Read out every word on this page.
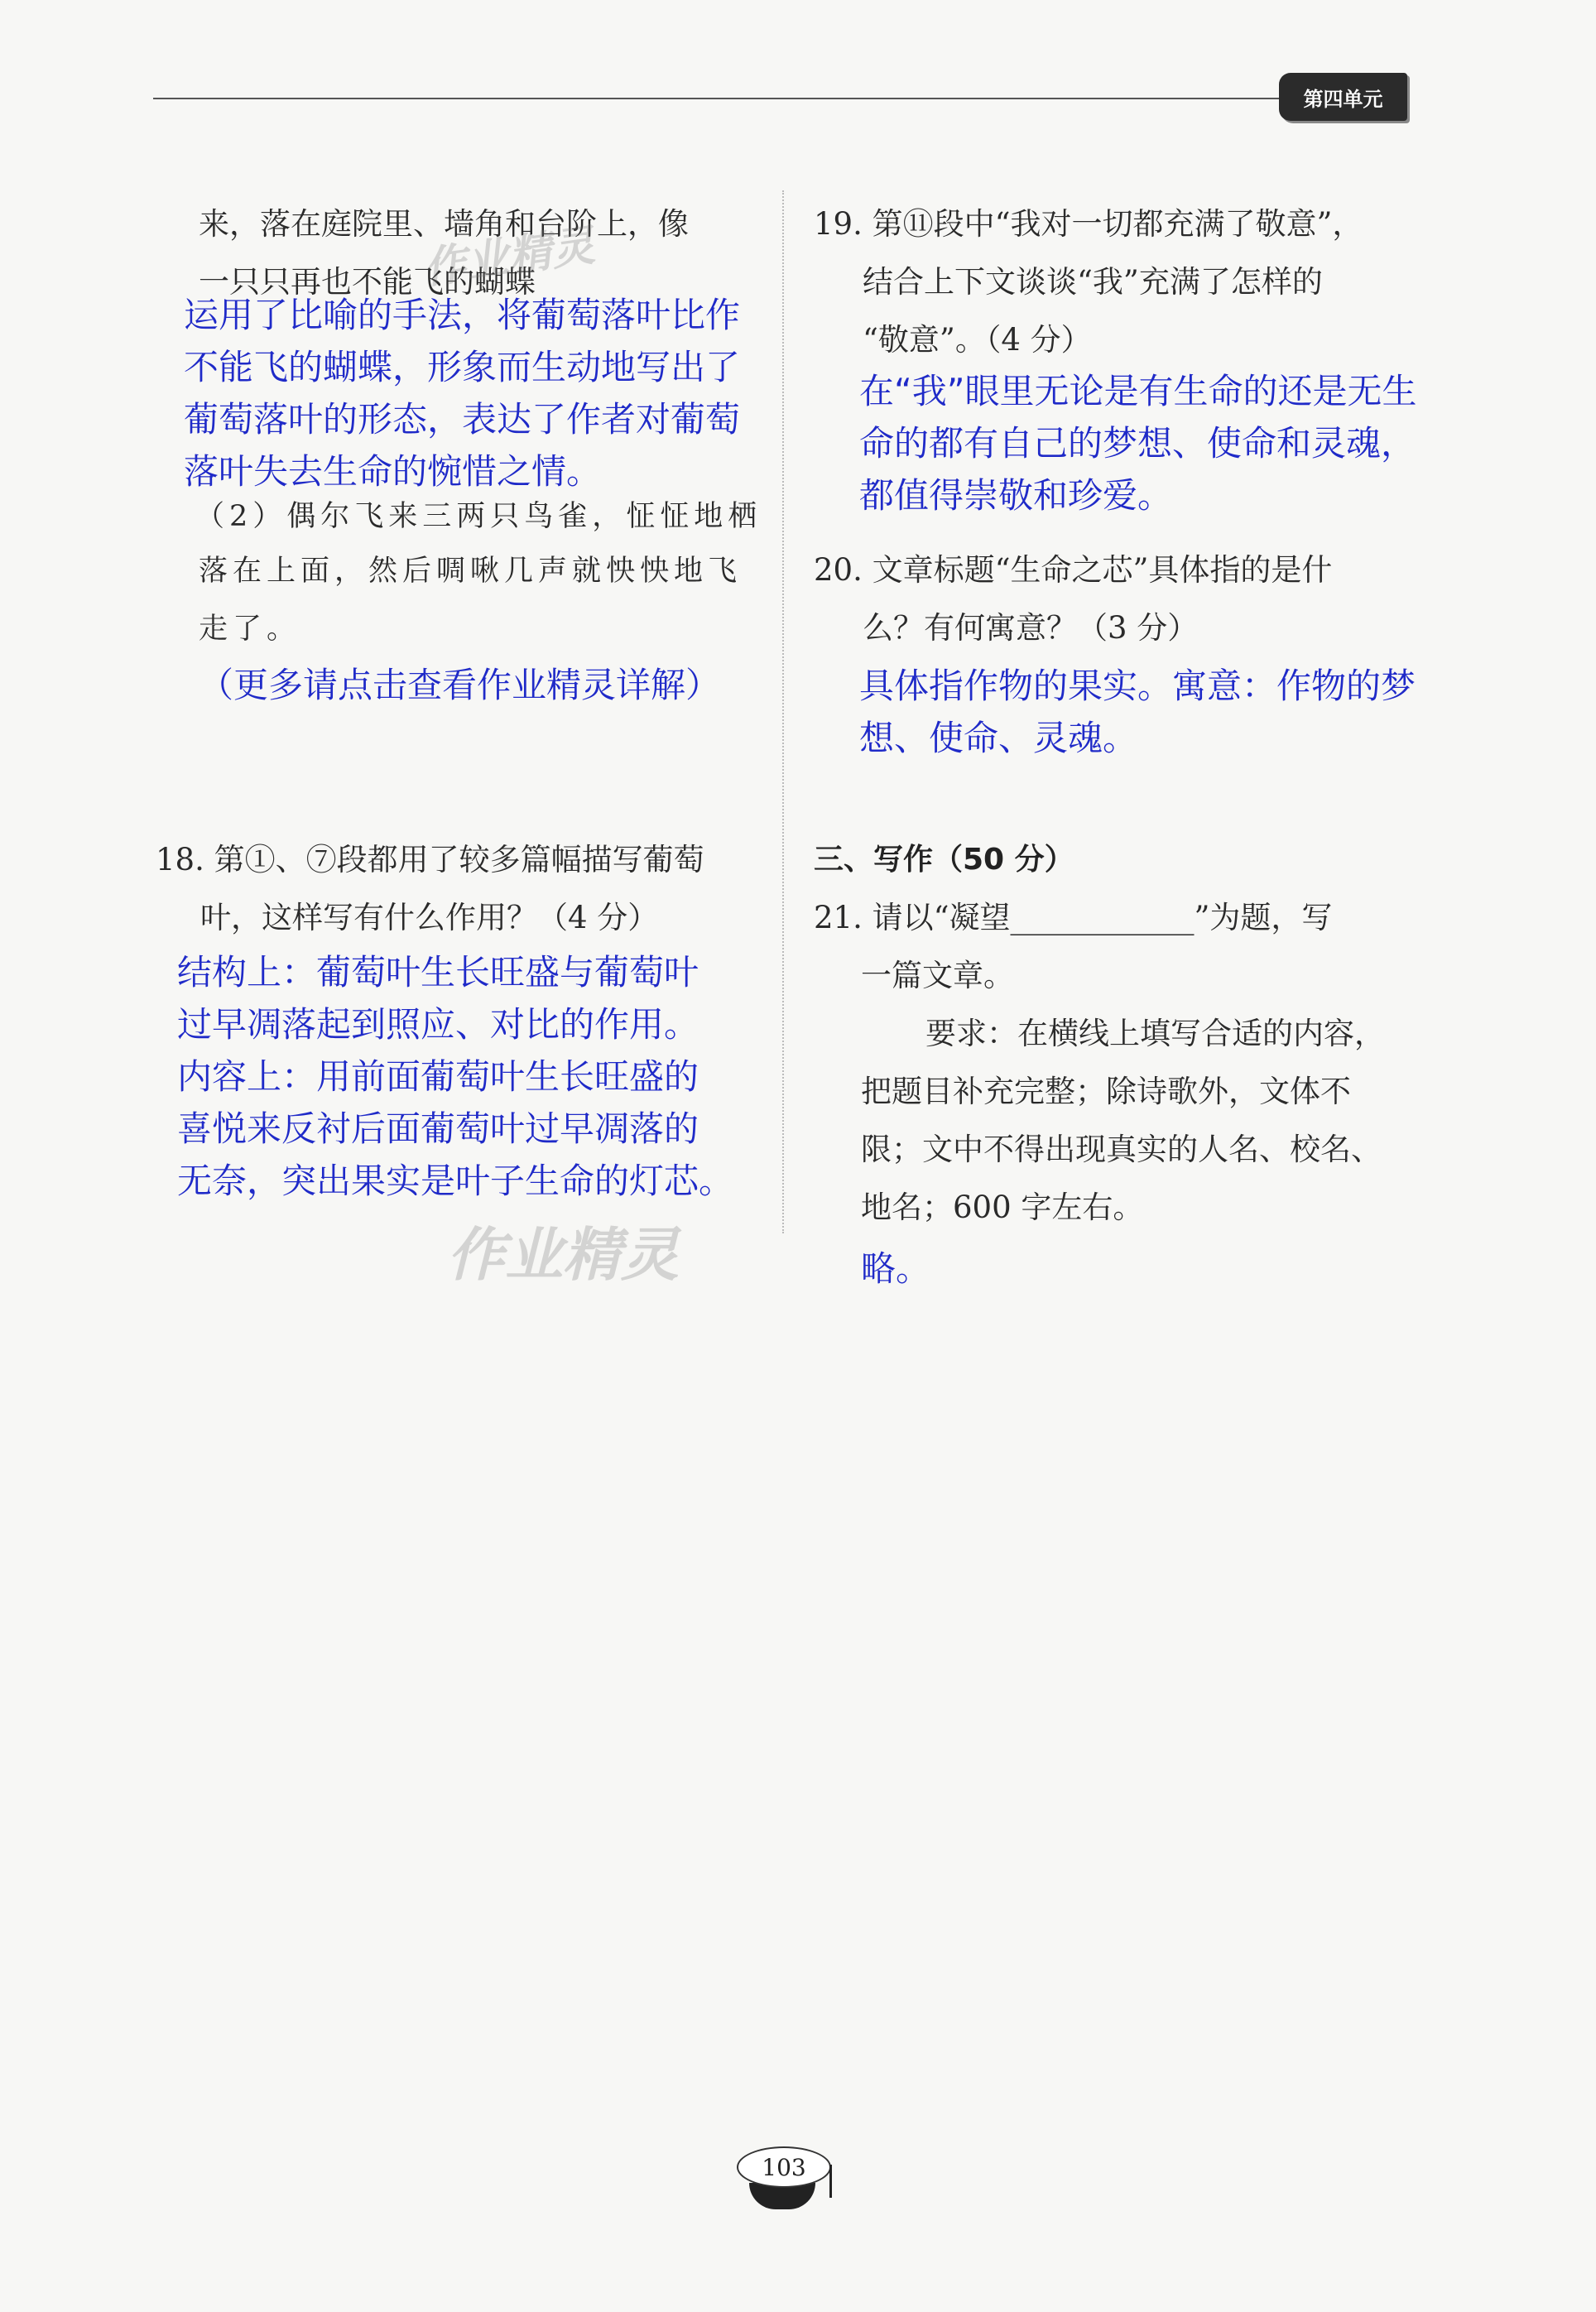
第四单元
来，落在庭院里、墙角和台阶上，像
一只只再也不能飞的蝴蝶
运用了比喻的手法，将葡萄落叶比作
不能飞的蝴蝶，形象而生动地写出了
葡萄落叶的形态，表达了作者对葡萄
落叶失去生命的惋惜之情。
（2）偶尔飞来三两只鸟雀，怔怔地栖
落在上面，然后啁啾几声就怏怏地飞
走了。
（更多请点击查看作业精灵详解）
18. 第①、⑦段都用了较多篇幅描写葡萄
叶，这样写有什么作用？（4 分）
结构上：葡萄叶生长旺盛与葡萄叶
过早凋落起到照应、对比的作用。
内容上：用前面葡萄叶生长旺盛的
喜悦来反衬后面葡萄叶过早凋落的
无奈，突出果实是叶子生命的灯芯。
19. 第⑪段中“我对一切都充满了敬意”，
结合上下文谈谈“我”充满了怎样的
“敬意”。（4 分）
在“我”眼里无论是有生命的还是无生
命的都有自己的梦想、使命和灵魂，
都值得崇敬和珍爱。
20. 文章标题“生命之芯”具体指的是什
么？有何寓意？（3 分）
具体指作物的果实。寓意：作物的梦
想、使命、灵魂。
三、写作（50 分）
21. 请以“凝望____________”为题，写
一篇文章。
要求：在横线上填写合适的内容，
把题目补充完整；除诗歌外，文体不
限；文中不得出现真实的人名、校名、
地名；600 字左右。
略。
作业精灵
作业精灵
103
